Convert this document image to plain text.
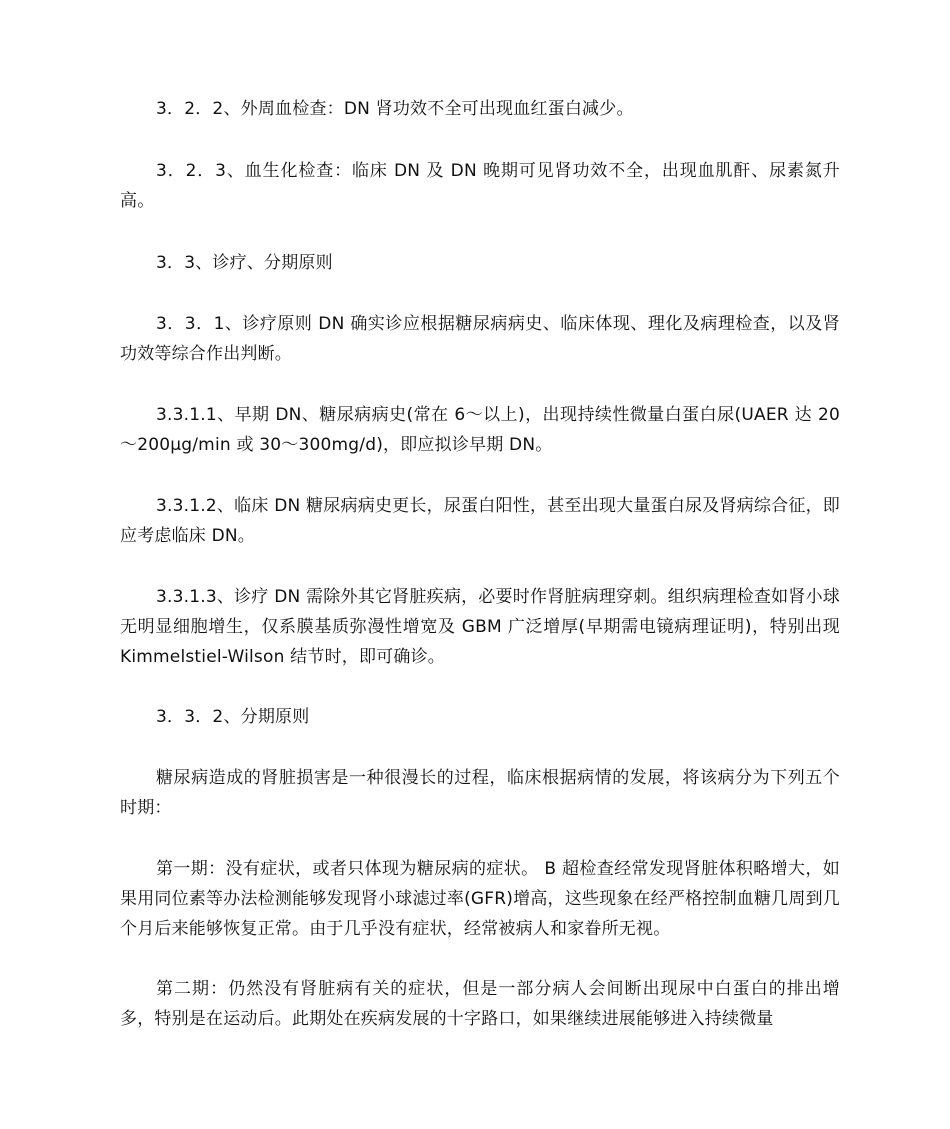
3．2．2、外周血检查：DN 肾功效不全可出现血红蛋白减少。

3．2．3、血生化检查：临床 DN 及 DN 晚期可见肾功效不全，出现血肌酐、尿素氮升高。

3．3、诊疗、分期原则

3．3．1、诊疗原则 DN 确实诊应根据糖尿病病史、临床体现、理化及病理检查，以及肾功效等综合作出判断。

3.3.1.1、早期 DN、糖尿病病史(常在 6～以上)，出现持续性微量白蛋白尿(UAER 达 20～200μg/min 或 30～300mg/d)，即应拟诊早期 DN。

3.3.1.2、临床 DN 糖尿病病史更长，尿蛋白阳性，甚至出现大量蛋白尿及肾病综合征，即应考虑临床 DN。

3.3.1.3、诊疗 DN 需除外其它肾脏疾病，必要时作肾脏病理穿刺。组织病理检查如肾小球无明显细胞增生，仅系膜基质弥漫性增宽及 GBM 广泛增厚(早期需电镜病理证明)，特别出现 Kimmelstiel-Wilson 结节时，即可确诊。

3．3．2、分期原则

糖尿病造成的肾脏损害是一种很漫长的过程，临床根据病情的发展，将该病分为下列五个时期：

第一期：没有症状，或者只体现为糖尿病的症状。 B 超检查经常发现肾脏体积略增大，如果用同位素等办法检测能够发现肾小球滤过率(GFR)增高，这些现象在经严格控制血糖几周到几个月后来能够恢复正常。由于几乎没有症状，经常被病人和家眷所无视。

第二期：仍然没有肾脏病有关的症状，但是一部分病人会间断出现尿中白蛋白的排出增多，特别是在运动后。此期处在疾病发展的十字路口，如果继续进展能够进入持续微量
